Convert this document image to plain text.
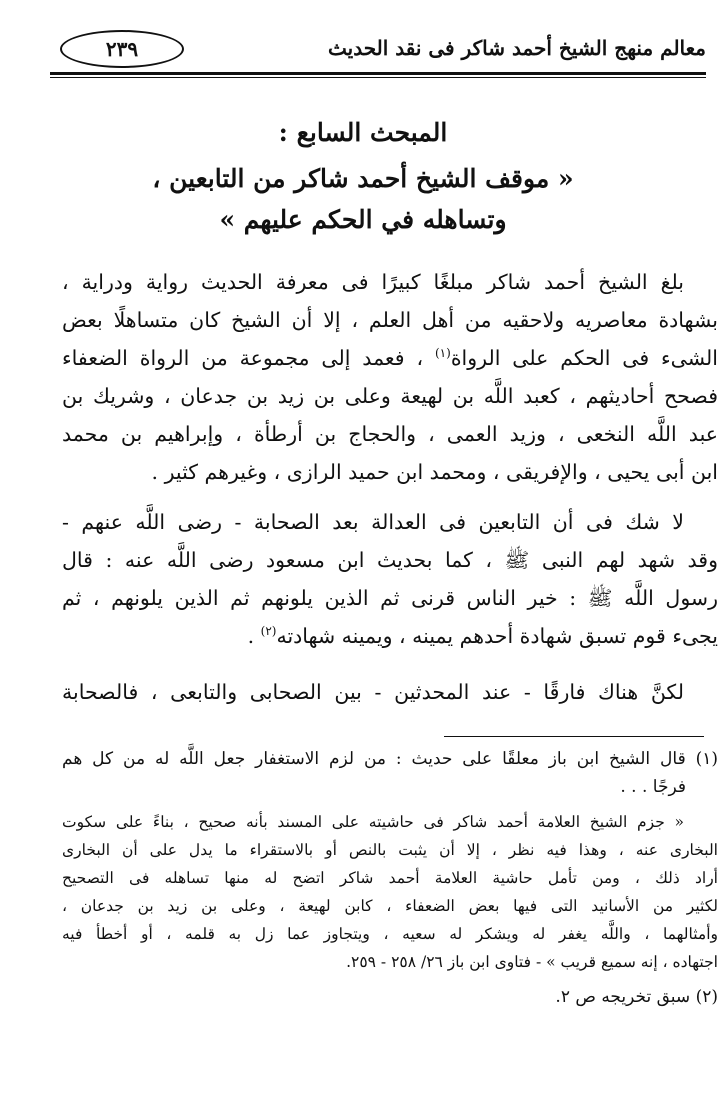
٢٣٩	معالم منهج الشيخ أحمد شاكر فى نقد الحديث
المبحث السابع :
« موقف الشيخ أحمد شاكر من التابعين ،
وتساهله في الحكم عليهم »
بلغ الشيخ أحمد شاكر مبلغًا كبيرًا فى معرفة الحديث رواية ودراية ،
بشهادة معاصريه ولاحقيه من أهل العلم ، إلا أن الشيخ كان متساهلًا بعض
الشىء فى الحكم على الرواة$^{(١)}$ ، فعمد إلى مجموعة من الرواة الضعفاء
فصحح أحاديثهم ، كعبد اللَّه بن لهيعة وعلى بن زيد بن جدعان ، وشريك بن
عبد اللَّه النخعى ، وزيد العمى ، والحجاج بن أرطأة ، وإبراهيم بن محمد
ابن أبى يحيى ، والإفريقى ، ومحمد ابن حميد الرازى ، وغيرهم كثير .
لا شك فى أن التابعين فى العدالة بعد الصحابة - رضى اللَّه عنهم -
وقد شهد لهم النبى ﷺ ، كما بحديث ابن مسعود رضى اللَّه عنه : قال
رسول اللَّه ﷺ : خير الناس قرنى ثم الذين يلونهم ثم الذين يلونهم ، ثم
يجىء قوم تسبق شهادة أحدهم يمينه ، ويمينه شهادته$^{(٢)}$ .
لكنَّ هناك فارقًا - عند المحدثين - بين الصحابى والتابعى ، فالصحابة
(١) قال الشيخ ابن باز معلقًا على حديث : من لزم الاستغفار جعل اللَّه له من كل هم
فرجًا . . .
« جزم الشيخ العلامة أحمد شاكر فى حاشيته على المسند بأنه صحيح ، بناءً على سكوت
البخارى عنه ، وهذا فيه نظر ، إلا أن يثبت بالنص أو بالاستقراء ما يدل على أن البخارى
أراد ذلك ، ومن تأمل حاشية العلامة أحمد شاكر اتضح له منها تساهله فى التصحيح
لكثير من الأسانيد التى فيها بعض الضعفاء ، كابن لهيعة ، وعلى بن زيد بن جدعان ،
وأمثالهما ، واللَّه يغفر له ويشكر له سعيه ، ويتجاوز عما زل به قلمه ، أو أخطأ فيه
اجتهاده ، إنه سميع قريب » - فتاوى ابن باز ٢٦/ ٢٥٨ - ٢٥٩.
(٢) سبق تخريجه ص ٢.
